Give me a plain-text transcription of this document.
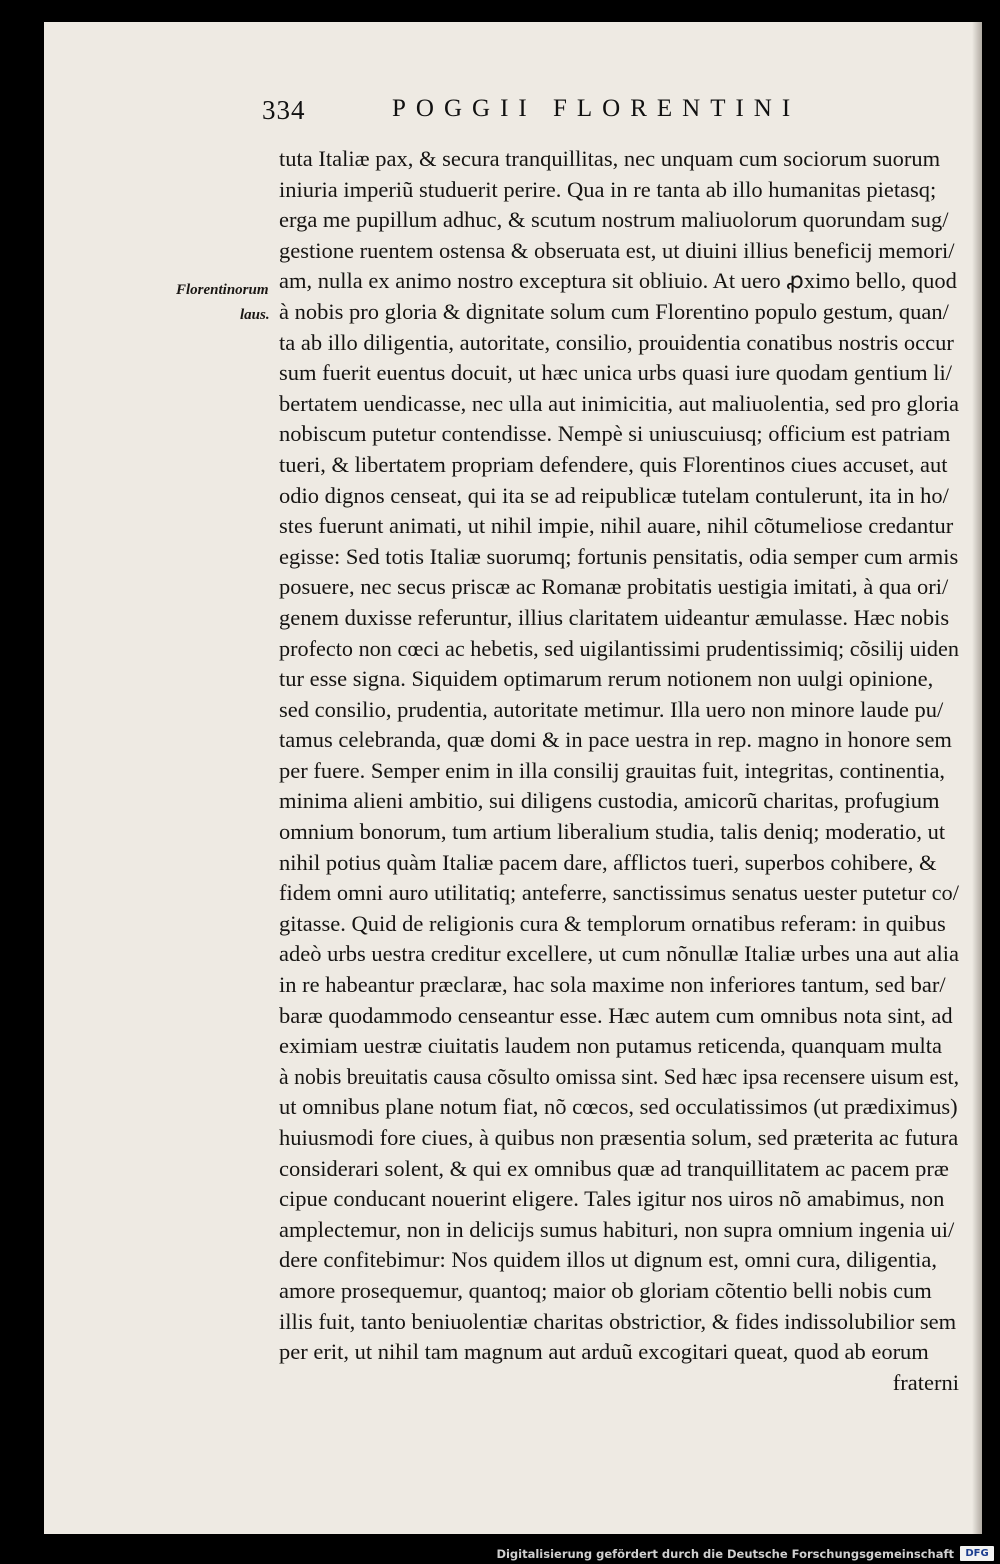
334	POGGII FLORENTINI
Florentinorum
laus.
tuta Italiæ pax, & secura tranquillitas, nec unquam cum sociorum suorum
iniuria imperiũ studuerit perire. Qua in re tanta ab illo humanitas pietasq;
erga me pupillum adhuc, & scutum nostrum maliuolorum quorundam sug/
gestione ruentem ostensa & obseruata est, ut diuini illius beneficij memori/
am, nulla ex animo nostro exceptura sit obliuio. At uero ꝓximo bello, quod
à nobis pro gloria & dignitate solum cum Florentino populo gestum, quan/
ta ab illo diligentia, autoritate, consilio, prouidentia conatibus nostris occur
sum fuerit euentus docuit, ut hæc unica urbs quasi iure quodam gentium li/
bertatem uendicasse, nec ulla aut inimicitia, aut maliuolentia, sed pro gloria
nobiscum putetur contendisse. Nempè si uniuscuiusq; officium est patriam
tueri, & libertatem propriam defendere, quis Florentinos ciues accuset, aut
odio dignos censeat, qui ita se ad reipublicæ tutelam contulerunt, ita in ho/
stes fuerunt animati, ut nihil impie, nihil auare, nihil cõtumeliose credantur
egisse: Sed totis Italiæ suorumq; fortunis pensitatis, odia semper cum armis
posuere, nec secus priscæ ac Romanæ probitatis uestigia imitati, à qua ori/
genem duxisse referuntur, illius claritatem uideantur æmulasse. Hæc nobis
profecto non cœci ac hebetis, sed uigilantissimi prudentissimiq; cõsilij uiden
tur esse signa. Siquidem optimarum rerum notionem non uulgi opinione,
sed consilio, prudentia, autoritate metimur. Illa uero non minore laude pu/
tamus celebranda, quæ domi & in pace uestra in rep. magno in honore sem
per fuere. Semper enim in illa consilij grauitas fuit, integritas, continentia,
minima alieni ambitio, sui diligens custodia, amicorũ charitas, profugium
omnium bonorum, tum artium liberalium studia, talis deniq; moderatio, ut
nihil potius quàm Italiæ pacem dare, afflictos tueri, superbos cohibere, &
fidem omni auro utilitatiq; anteferre, sanctissimus senatus uester putetur co/
gitasse. Quid de religionis cura & templorum ornatibus referam: in quibus
adeò urbs uestra creditur excellere, ut cum nõnullæ Italiæ urbes una aut alia
in re habeantur præclaræ, hac sola maxime non inferiores tantum, sed bar/
baræ quodammodo censeantur esse. Hæc autem cum omnibus nota sint, ad
eximiam uestræ ciuitatis laudem non putamus reticenda, quanquam multa
à nobis breuitatis causa cõsulto omissa sint. Sed hæc ipsa recensere uisum est,
ut omnibus plane notum fiat, nõ cœcos, sed occulatissimos (ut prædiximus)
huiusmodi fore ciues, à quibus non præsentia solum, sed præterita ac futura
considerari solent, & qui ex omnibus quæ ad tranquillitatem ac pacem præ
cipue conducant nouerint eligere. Tales igitur nos uiros nõ amabimus, non
amplectemur, non in delicijs sumus habituri, non supra omnium ingenia ui/
dere confitebimur: Nos quidem illos ut dignum est, omni cura, diligentia,
amore prosequemur, quantoq; maior ob gloriam cõtentio belli nobis cum
illis fuit, tanto beniuolentiæ charitas obstrictior, & fides indissolubilior sem
per erit, ut nihil tam magnum aut arduũ excogitari queat, quod ab eorum
fraterni
Digitalisierung gefördert durch die Deutsche Forschungsgemeinschaft	DFG
